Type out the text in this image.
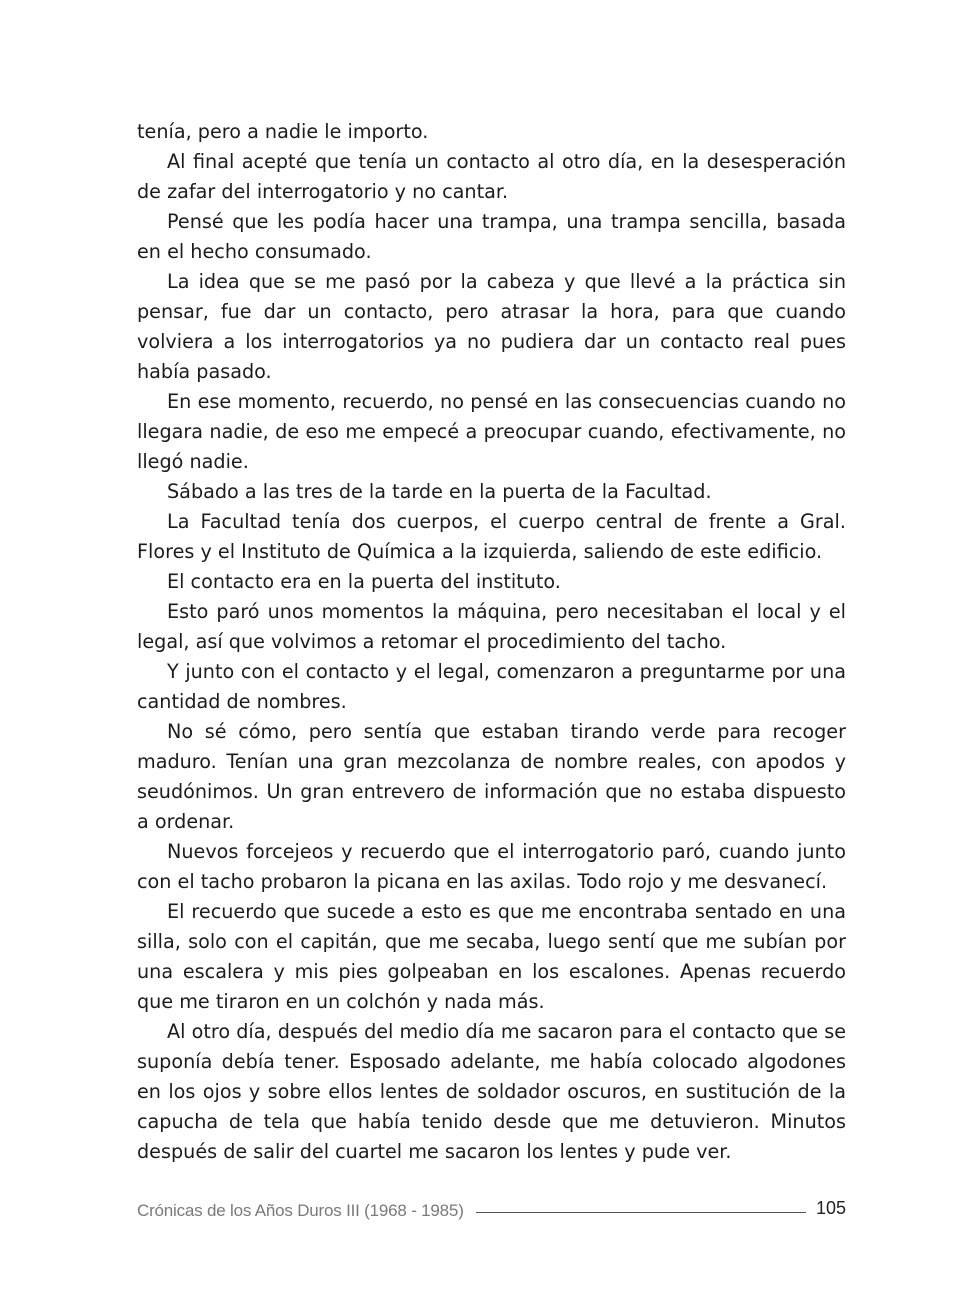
tenía, pero a nadie le importo.

Al final acepté que tenía un contacto al otro día, en la desesperación de zafar del interrogatorio y no cantar.

Pensé que les podía hacer una trampa, una trampa sencilla, basada en el hecho consumado.

La idea que se me pasó por la cabeza y que llevé a la práctica sin pensar, fue dar un contacto, pero atrasar la hora, para que cuando volviera a los interrogatorios ya no pudiera dar un contacto real pues había pasado.

En ese momento, recuerdo, no pensé en las consecuencias cuando no llegara nadie, de eso me empecé a preocupar cuando, efectivamente, no llegó nadie.

Sábado a las tres de la tarde en la puerta de la Facultad.

La Facultad tenía dos cuerpos, el cuerpo central de frente a Gral. Flores y el Instituto de Química a la izquierda, saliendo de este edificio.

El contacto era en la puerta del instituto.

Esto paró unos momentos la máquina, pero necesitaban el local y el legal, así que volvimos a retomar el procedimiento del tacho.

Y junto con el contacto y el legal, comenzaron a preguntarme por una cantidad de nombres.

No sé cómo, pero sentía que estaban tirando verde para recoger maduro. Tenían una gran mezcolanza de nombre reales, con apodos y seudónimos. Un gran entrevero de información que no estaba dispuesto a ordenar.

Nuevos forcejeos y recuerdo que el interrogatorio paró, cuando junto con el tacho probaron la picana en las axilas. Todo rojo y me desvanecí.

El recuerdo que sucede a esto es que me encontraba sentado en una silla, solo con el capitán, que me secaba, luego sentí que me subían por una escalera y mis pies golpeaban en los escalones. Apenas recuerdo que me tiraron en un colchón y nada más.

Al otro día, después del medio día me sacaron para el contacto que se suponía debía tener. Esposado adelante, me había colocado algodones en los ojos y sobre ellos lentes de soldador oscuros, en sustitución de la capucha de tela que había tenido desde que me detuvieron. Minutos después de salir del cuartel me sacaron los lentes y pude ver.

Crónicas de los Años Duros III (1968 - 1985)	105
